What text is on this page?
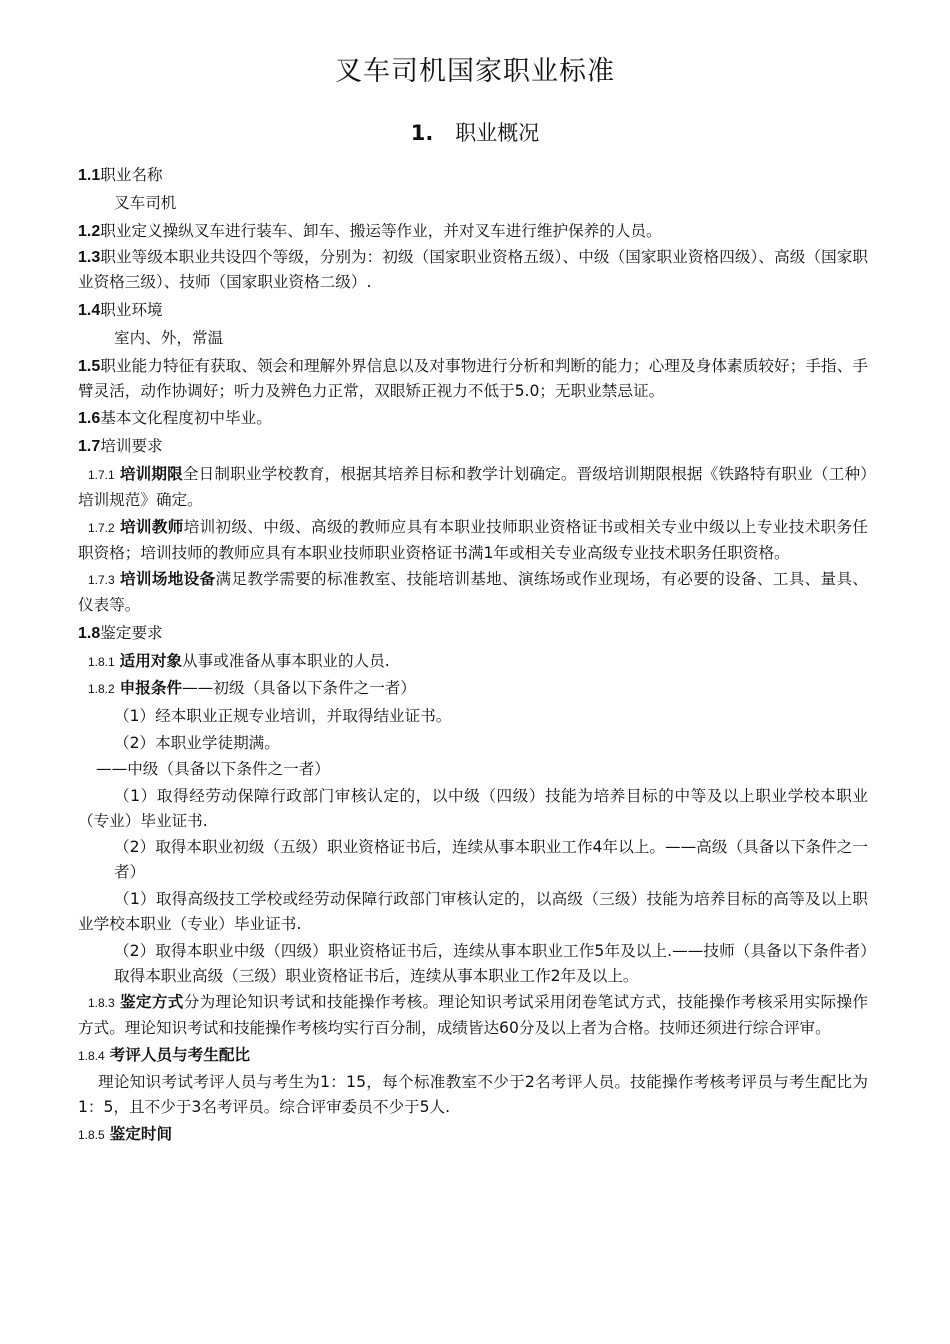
叉车司机国家职业标准
1. 职业概况

1.1职业名称

叉车司机

1.2职业定义操纵叉车进行装车、卸车、搬运等作业，并对叉车进行维护保养的人员。

1.3职业等级本职业共设四个等级，分别为：初级（国家职业资格五级）、中级（国家职业资格四级）、高级（国家职业资格三级）、技师（国家职业资格二级）.

1.4职业环境

室内、外，常温

1.5职业能力特征有获取、领会和理解外界信息以及对事物进行分析和判断的能力；心理及身体素质较好；手指、手臂灵活，动作协调好；听力及辨色力正常，双眼矫正视力不低于5.0；无职业禁忌证。

1.6基本文化程度初中毕业。

1.7培训要求

1.7.1 培训期限全日制职业学校教育，根据其培养目标和教学计划确定。晋级培训期限根据《铁路特有职业（工种）培训规范》确定。

1.7.2 培训教师培训初级、中级、高级的教师应具有本职业技师职业资格证书或相关专业中级以上专业技术职务任职资格；培训技师的教师应具有本职业技师职业资格证书满1年或相关专业高级专业技术职务任职资格。

1.7.3 培训场地设备满足教学需要的标准教室、技能培训基地、演练场或作业现场，有必要的设备、工具、量具、仪表等。

1.8鉴定要求

1.8.1 适用对象从事或准备从事本职业的人员.

1.8.2 申报条件——初级（具备以下条件之一者）

（1）经本职业正规专业培训，并取得结业证书。

（2）本职业学徒期满。

——中级（具备以下条件之一者）

（1）取得经劳动保障行政部门审核认定的，以中级（四级）技能为培养目标的中等及以上职业学校本职业（专业）毕业证书.

（2）取得本职业初级（五级）职业资格证书后，连续从事本职业工作4年以上。——高级（具备以下条件之一者）

（1）取得高级技工学校或经劳动保障行政部门审核认定的，以高级（三级）技能为培养目标的高等及以上职业学校本职业（专业）毕业证书.

（2）取得本职业中级（四级）职业资格证书后，连续从事本职业工作5年及以上.——技师（具备以下条件者）取得本职业高级（三级）职业资格证书后，连续从事本职业工作2年及以上。

1.8.3 鉴定方式分为理论知识考试和技能操作考核。理论知识考试采用闭卷笔试方式，技能操作考核采用实际操作方式。理论知识考试和技能操作考核均实行百分制，成绩皆达60分及以上者为合格。技师还须进行综合评审。

1.8.4 考评人员与考生配比

理论知识考试考评人员与考生为1：15，每个标准教室不少于2名考评人员。技能操作考核考评员与考生配比为1：5，且不少于3名考评员。综合评审委员不少于5人.

1.8.5 鉴定时间
